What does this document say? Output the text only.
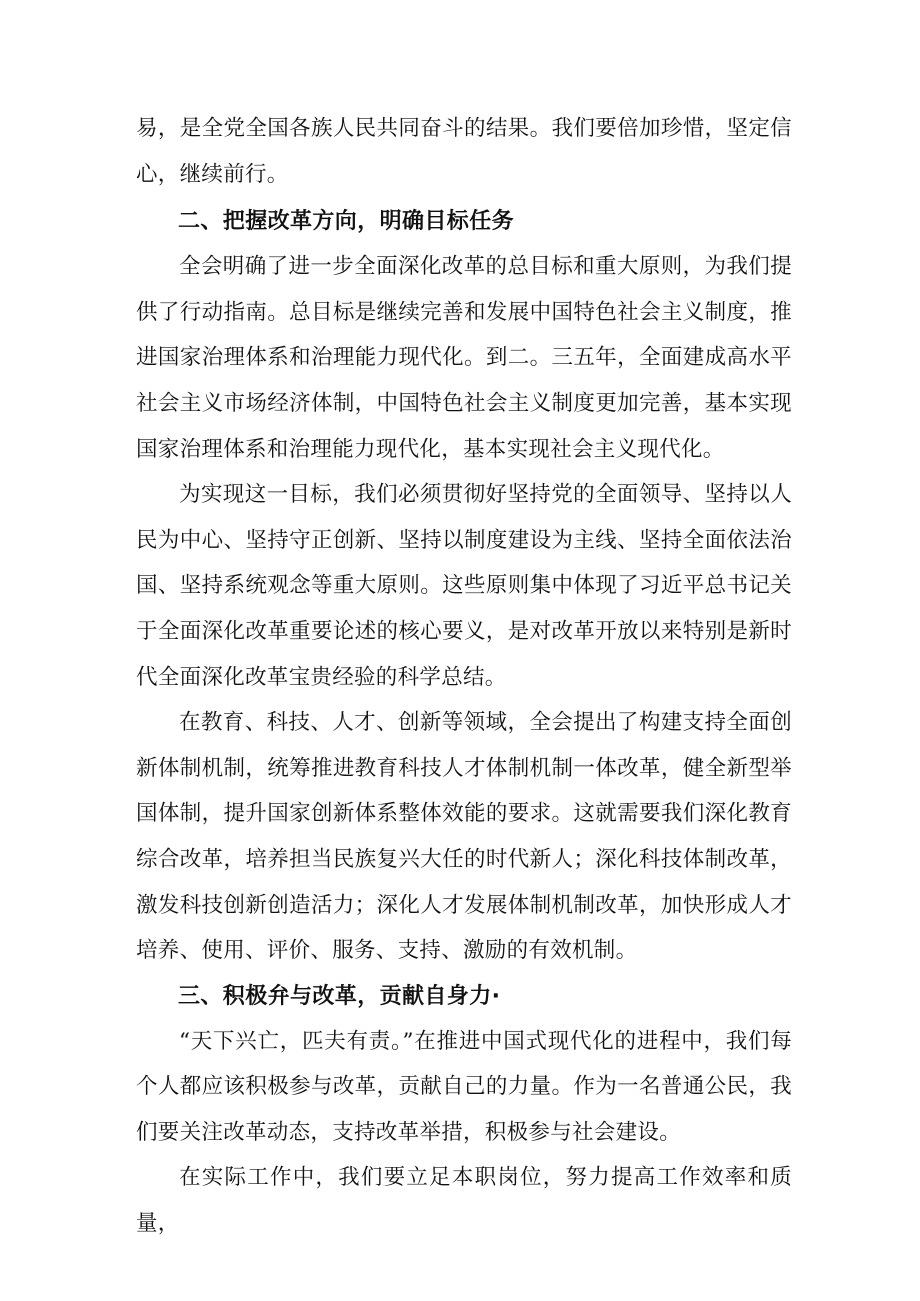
易，是全党全国各族人民共同奋斗的结果。我们要倍加珍惜，坚定信心，继续前行。

二、把握改革方向，明确目标任务

全会明确了进一步全面深化改革的总目标和重大原则，为我们提供了行动指南。总目标是继续完善和发展中国特色社会主义制度，推进国家治理体系和治理能力现代化。到二。三五年，全面建成高水平社会主义市场经济体制，中国特色社会主义制度更加完善，基本实现国家治理体系和治理能力现代化，基本实现社会主义现代化。

为实现这一目标，我们必须贯彻好坚持党的全面领导、坚持以人民为中心、坚持守正创新、坚持以制度建设为主线、坚持全面依法治国、坚持系统观念等重大原则。这些原则集中体现了习近平总书记关于全面深化改革重要论述的核心要义，是对改革开放以来特别是新时代全面深化改革宝贵经验的科学总结。

在教育、科技、人才、创新等领域，全会提出了构建支持全面创新体制机制，统筹推进教育科技人才体制机制一体改革，健全新型举国体制，提升国家创新体系整体效能的要求。这就需要我们深化教育综合改革，培养担当民族复兴大任的时代新人；深化科技体制改革，激发科技创新创造活力；深化人才发展体制机制改革，加快形成人才培养、使用、评价、服务、支持、激励的有效机制。

三、积极弁与改革，贡献自身力·

“天下兴亡，匹夫有责。”在推进中国式现代化的进程中，我们每个人都应该积极参与改革，贡献自己的力量。作为一名普通公民，我们要关注改革动态，支持改革举措，积极参与社会建设。

在实际工作中，我们要立足本职岗位，努力提高工作效率和质量，
